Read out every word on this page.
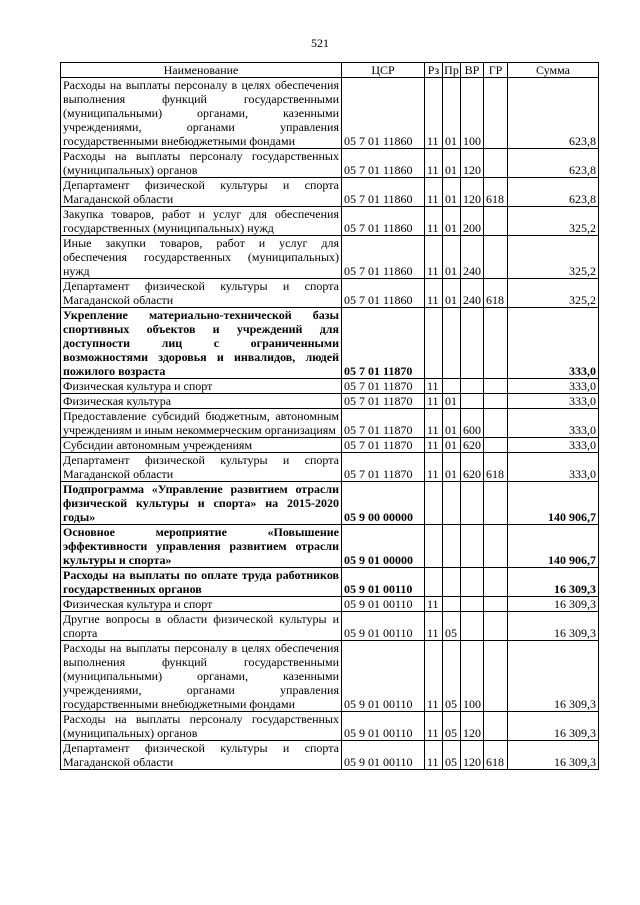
521
Наименование	ЦСР	Рз	Пр	ВР	ГР	Сумма
Расходы на выплаты персоналу в целях обеспечения выполнения функций государственными (муниципальными) органами, казенными учреждениями, органами управления государственными внебюджетными фондами	05 7 01 11860	11	01	100		623,8
Расходы на выплаты персоналу государственных (муниципальных) органов	05 7 01 11860	11	01	120		623,8
Департамент физической культуры и спорта Магаданской области	05 7 01 11860	11	01	120	618	623,8
Закупка товаров, работ и услуг для обеспечения государственных (муниципальных) нужд	05 7 01 11860	11	01	200		325,2
Иные закупки товаров, работ и услуг для обеспечения государственных (муниципальных) нужд	05 7 01 11860	11	01	240		325,2
Департамент физической культуры и спорта Магаданской области	05 7 01 11860	11	01	240	618	325,2
Укрепление материально-технической базы спортивных объектов и учреждений для доступности лиц с ограниченными возможностями здоровья и инвалидов, людей пожилого возраста	05 7 01 11870					333,0
Физическая культура и спорт	05 7 01 11870	11				333,0
Физическая культура	05 7 01 11870	11	01			333,0
Предоставление субсидий бюджетным, автономным учреждениям и иным некоммерческим организациям	05 7 01 11870	11	01	600		333,0
Субсидии автономным учреждениям	05 7 01 11870	11	01	620		333,0
Департамент физической культуры и спорта Магаданской области	05 7 01 11870	11	01	620	618	333,0
Подпрограмма «Управление развитием отрасли физической культуры и спорта» на 2015-2020 годы»	05 9 00 00000					140 906,7
Основное мероприятие «Повышение эффективности управления развитием отрасли культуры и спорта»	05 9 01 00000					140 906,7
Расходы на выплаты по оплате труда работников государственных органов	05 9 01 00110					16 309,3
Физическая культура и спорт	05 9 01 00110	11				16 309,3
Другие вопросы в области физической культуры и спорта	05 9 01 00110	11	05			16 309,3
Расходы на выплаты персоналу в целях обеспечения выполнения функций государственными (муниципальными) органами, казенными учреждениями, органами управления государственными внебюджетными фондами	05 9 01 00110	11	05	100		16 309,3
Расходы на выплаты персоналу государственных (муниципальных) органов	05 9 01 00110	11	05	120		16 309,3
Департамент физической культуры и спорта Магаданской области	05 9 01 00110	11	05	120	618	16 309,3
